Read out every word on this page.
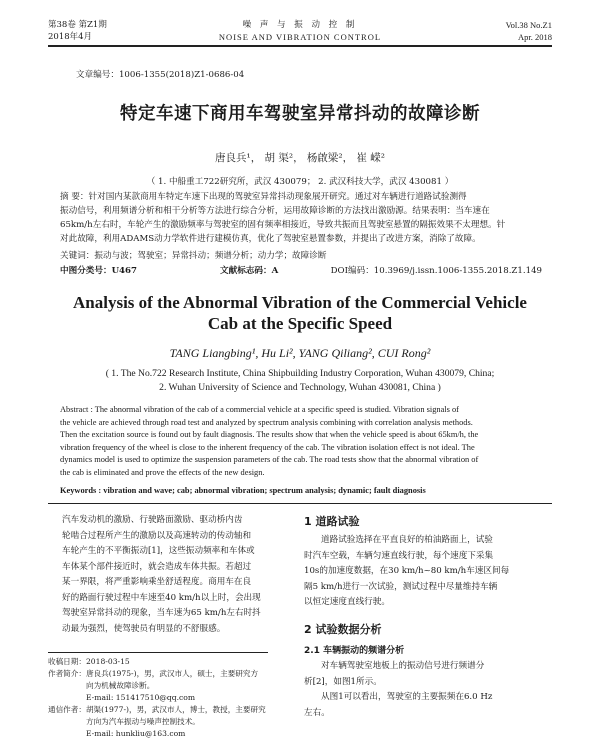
第38卷 第Z1期
2018年4月
噪 声 与 振 动 控 制
NOISE AND VIBRATION CONTROL
Vol.38 No.Z1
Apr. 2018
文章编号：1006-1355(2018)Z1-0686-04
特定车速下商用车驾驶室异常抖动的故障诊断
唐良兵¹， 胡 渠²， 杨啟梁²， 崔 嵘²
（ 1. 中船重工722研究所，武汉 430079； 2. 武汉科技大学，武汉 430081 ）
摘 要：针对国内某款商用车特定车速下出现的驾驶室异常抖动现象展开研究。通过对车辆进行道路试验测得
振动信号，利用频谱分析和相干分析等方法进行综合分析，运用故障诊断的方法找出激励源。结果表明：当车速在
65km/h左右时，车轮产生的激励频率与驾驶室的固有频率相接近，导致共振而且驾驶室悬置的隔振效果不太理想。针
对此故障，利用ADAMS动力学软件进行建模仿真，优化了驾驶室悬置参数，并提出了改进方案，消除了故障。
关键词：振动与波；驾驶室；异常抖动；频谱分析；动力学；故障诊断
中图分类号：U467	文献标志码：A	DOI编码：10.3969/j.issn.1006-1355.2018.Z1.149
Analysis of the Abnormal Vibration of the Commercial Vehicle
Cab at the Specific Speed
TANG Liangbing¹, Hu Li², YANG Qiliang², CUI Rong²
( 1. The No.722 Research Institute, China Shipbuilding Industry Corporation, Wuhan 430079, China;
2. Wuhan University of Science and Technology, Wuhan 430081, China )
Abstract : The abnormal vibration of the cab of a commercial vehicle at a specific speed is studied. Vibration signals of
the vehicle are achieved through road test and analyzed by spectrum analysis combining with correlation analysis methods.
Then the excitation source is found out by fault diagnosis. The results show that when the vehicle speed is about 65km/h, the
vibration frequency of the wheel is close to the inherent frequency of the cab. The vibration isolation effect is not ideal. The
dynamics model is used to optimize the suspension parameters of the cab. The road tests show that the abnormal vibration of
the cab is eliminated and prove the effects of the new design.
Keywords : vibration and wave; cab; abnormal vibration; spectrum analysis; dynamic; fault diagnosis
汽车发动机的激励、行驶路面激励、驱动桥内齿
轮啮合过程所产生的激励以及高速转动的传动轴和
车轮产生的不平衡振动[1]，这些振动频率和车体或
车体某个部件接近时，就会造成车体共振。若超过
某一界限，将严重影响乘坐舒适程度。商用车在良
好的路面行驶过程中车速至40 km/h以上时，会出现
驾驶室异常抖动的现象，当车速为65 km/h左右时抖
动最为强烈，使驾驶员有明显的不舒服感。
收稿日期：2018-03-15
作者简介：唐良兵(1975-)，男，武汉市人，硕士，主要研究方
向为机械故障诊断。
E-mail: 151417510@qq.com
通信作者：胡渠(1977-)，男，武汉市人，博士，教授，主要研究
方向为汽车振动与噪声控制技术。
E-mail: hunkliu@163.com
1 道路试验
道路试验选择在平直良好的柏油路面上，试验
时汽车空载，车辆匀速直线行驶，每个速度下采集
10s的加速度数据，在30 km/h~80 km/h车速区间每
隔5 km/h进行一次试验，测试过程中尽量维持车辆
以恒定速度直线行驶。
2 试验数据分析
2.1 车辆振动的频谱分析
对车辆驾驶室地板上的振动信号进行频谱分
析[2]，如图1所示。
从图1可以看出，驾驶室的主要振频在6.0 Hz
左右。
